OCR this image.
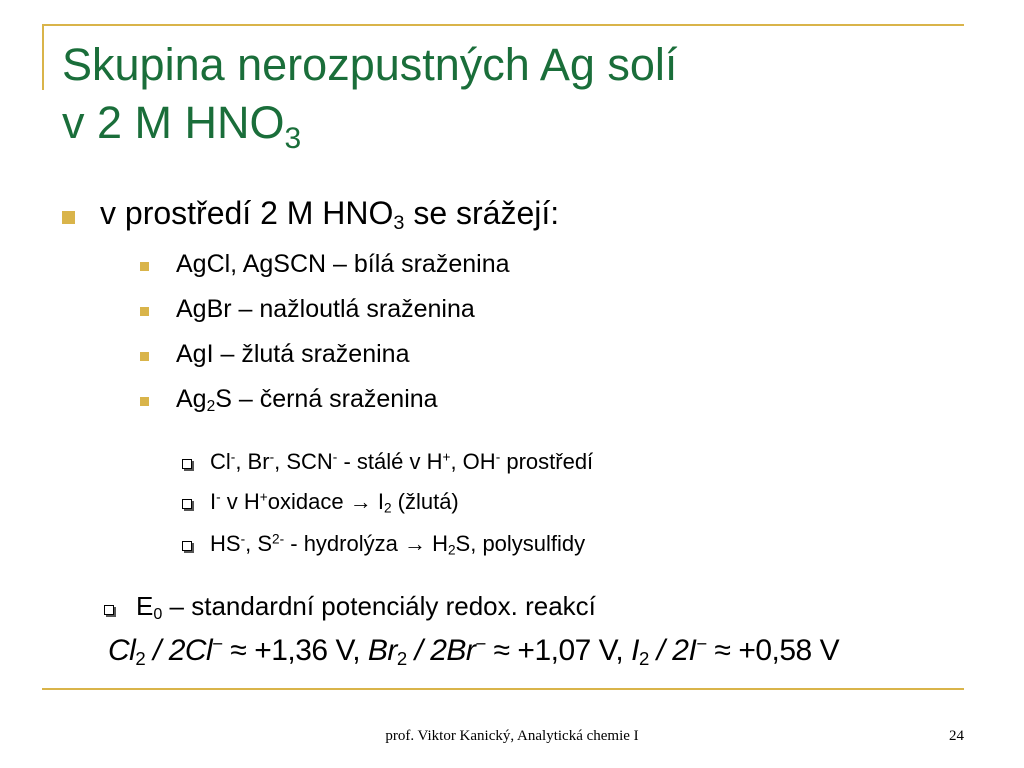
Skupina nerozpustných Ag solí
v 2 M $HNO_3$
v prostředí 2 M $HNO_3$ se srážejí:
AgCl, AgSCN – bílá sraženina
AgBr – nažloutlá sraženina
AgI – žlutá sraženina
$Ag_2S$ – černá sraženina
Cl-, Br-, SCN- - stálé v H+, OH- prostředí
I- v H+oxidace → $I_2$ (žlutá)
HS-, $S^{2-}$ - hydrolýza → $H_2S$, polysulfidy
$E_0$ – standardní potenciály redox. reakcí
$Cl_2 / 2Cl^- \approx +1,36$ V, $Br_2 / 2Br^- \approx +1,07$ V, $I_2 / 2I^- \approx +0,58$ V
prof. Viktor Kanický, Analytická chemie I	24
